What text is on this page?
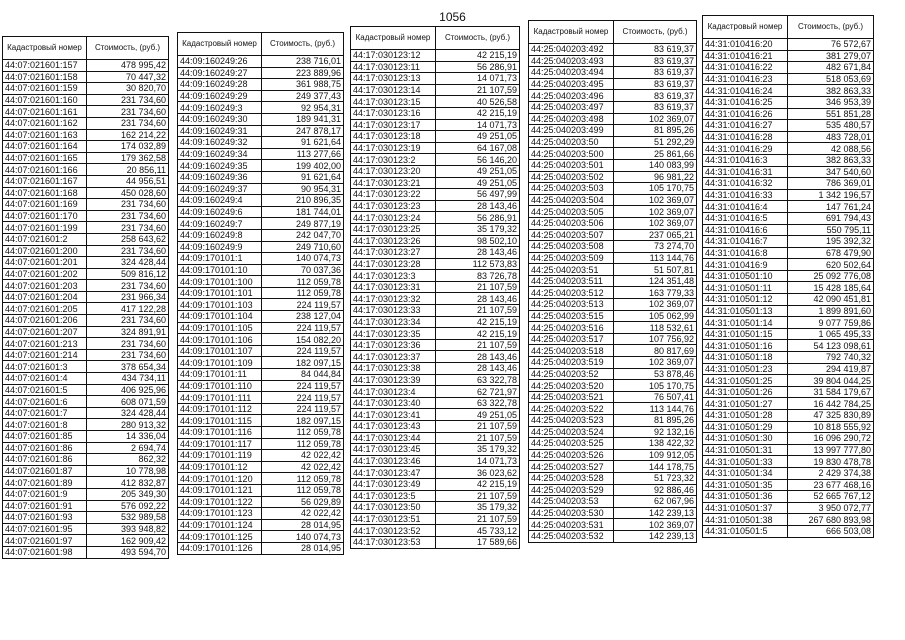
1056
Кадастровый номер	Стоимость, (руб.)
44:07:021601:157	478 995,42
44:07:021601:158	70 447,32
44:07:021601:159	30 820,70
44:07:021601:160	231 734,60
44:07:021601:161	231 734,60
44:07:021601:162	231 734,60
44:07:021601:163	162 214,22
44:07:021601:164	174 032,89
44:07:021601:165	179 362,58
44:07:021601:166	20 856,11
44:07:021601:167	44 956,51
44:07:021601:168	450 028,60
44:07:021601:169	231 734,60
44:07:021601:170	231 734,60
44:07:021601:199	231 734,60
44:07:021601:2	258 643,62
44:07:021601:200	231 734,60
44:07:021601:201	324 428,44
44:07:021601:202	509 816,12
44:07:021601:203	231 734,60
44:07:021601:204	231 966,34
44:07:021601:205	417 122,28
44:07:021601:206	231 734,60
44:07:021601:207	324 891,91
44:07:021601:213	231 734,60
44:07:021601:214	231 734,60
44:07:021601:3	378 654,34
44:07:021601:4	434 734,11
44:07:021601:5	406 925,96
44:07:021601:6	608 071,59
44:07:021601:7	324 428,44
44:07:021601:8	280 913,32
44:07:021601:85	14 336,04
44:07:021601:86	2 694,74
44:07:021601:86	862,32
44:07:021601:87	10 778,98
44:07:021601:89	412 832,87
44:07:021601:9	205 349,30
44:07:021601:91	576 092,22
44:07:021601:93	532 989,58
44:07:021601:95	393 948,82
44:07:021601:97	162 909,42
44:07:021601:98	493 594,70
Кадастровый номер	Стоимость, (руб.)
44:09:160249:26	238 716,01
44:09:160249:27	223 889,96
44:09:160249:28	361 988,75
44:09:160249:29	249 377,43
44:09:160249:3	92 954,31
44:09:160249:30	189 941,31
44:09:160249:31	247 878,17
44:09:160249:32	91 621,64
44:09:160249:34	113 277,66
44:09:160249:35	199 402,00
44:09:160249:36	91 621,64
44:09:160249:37	90 954,31
44:09:160249:4	210 896,35
44:09:160249:6	181 744,01
44:09:160249:7	249 877,19
44:09:160249:8	242 047,70
44:09:160249:9	249 710,60
44:09:170101:1	140 074,73
44:09:170101:10	70 037,36
44:09:170101:100	112 059,78
44:09:170101:101	112 059,78
44:09:170101:103	224 119,57
44:09:170101:104	238 127,04
44:09:170101:105	224 119,57
44:09:170101:106	154 082,20
44:09:170101:107	224 119,57
44:09:170101:109	182 097,15
44:09:170101:11	84 044,84
44:09:170101:110	224 119,57
44:09:170101:111	224 119,57
44:09:170101:112	224 119,57
44:09:170101:115	182 097,15
44:09:170101:116	112 059,78
44:09:170101:117	112 059,78
44:09:170101:119	42 022,42
44:09:170101:12	42 022,42
44:09:170101:120	112 059,78
44:09:170101:121	112 059,78
44:09:170101:122	56 029,89
44:09:170101:123	42 022,42
44:09:170101:124	28 014,95
44:09:170101:125	140 074,73
44:09:170101:126	28 014,95
Кадастровый номер	Стоимость, (руб.)
44:17:030123:12	42 215,19
44:17:030123:11	56 286,91
44:17:030123:13	14 071,73
44:17:030123:14	21 107,59
44:17:030123:15	40 526,58
44:17:030123:16	42 215,19
44:17:030123:17	14 071,73
44:17:030123:18	49 251,05
44:17:030123:19	64 167,08
44:17:030123:2	56 146,20
44:17:030123:20	49 251,05
44:17:030123:21	49 251,05
44:17:030123:22	56 497,99
44:17:030123:23	28 143,46
44:17:030123:24	56 286,91
44:17:030123:25	35 179,32
44:17:030123:26	98 502,10
44:17:030123:27	28 143,46
44:17:030123:28	112 573,83
44:17:030123:3	83 726,78
44:17:030123:31	21 107,59
44:17:030123:32	28 143,46
44:17:030123:33	21 107,59
44:17:030123:34	42 215,19
44:17:030123:35	42 215,19
44:17:030123:36	21 107,59
44:17:030123:37	28 143,46
44:17:030123:38	28 143,46
44:17:030123:39	63 322,78
44:17:030123:4	62 721,97
44:17:030123:40	63 322,78
44:17:030123:41	49 251,05
44:17:030123:43	21 107,59
44:17:030123:44	21 107,59
44:17:030123:45	35 179,32
44:17:030123:46	14 071,73
44:17:030123:47	36 023,62
44:17:030123:49	42 215,19
44:17:030123:5	21 107,59
44:17:030123:50	35 179,32
44:17:030123:51	21 107,59
44:17:030123:52	45 733,12
44:17:030123:53	17 589,66
Кадастровый номер	Стоимость, (руб.)
44:25:040203:492	83 619,37
44:25:040203:493	83 619,37
44:25:040203:494	83 619,37
44:25:040203:495	83 619,37
44:25:040203:496	83 619,37
44:25:040203:497	83 619,37
44:25:040203:498	102 369,07
44:25:040203:499	81 895,26
44:25:040203:50	51 292,29
44:25:040203:500	25 861,66
44:25:040203:501	140 083,99
44:25:040203:502	96 981,22
44:25:040203:503	105 170,75
44:25:040203:504	102 369,07
44:25:040203:505	102 369,07
44:25:040203:506	102 369,07
44:25:040203:507	237 065,21
44:25:040203:508	73 274,70
44:25:040203:509	113 144,76
44:25:040203:51	51 507,81
44:25:040203:511	124 351,48
44:25:040203:512	163 779,33
44:25:040203:513	102 369,07
44:25:040203:515	105 062,99
44:25:040203:516	118 532,61
44:25:040203:517	107 756,92
44:25:040203:518	80 817,69
44:25:040203:519	102 369,07
44:25:040203:52	53 878,46
44:25:040203:520	105 170,75
44:25:040203:521	76 507,41
44:25:040203:522	113 144,76
44:25:040203:523	81 895,26
44:25:040203:524	92 132,16
44:25:040203:525	138 422,32
44:25:040203:526	109 912,05
44:25:040203:527	144 178,75
44:25:040203:528	51 723,32
44:25:040203:529	92 886,46
44:25:040203:53	62 067,96
44:25:040203:530	142 239,13
44:25:040203:531	102 369,07
44:25:040203:532	142 239,13
Кадастровый номер	Стоимость, (руб.)
44:31:010416:20	76 572,67
44:31:010416:21	381 279,07
44:31:010416:22	482 671,84
44:31:010416:23	518 053,69
44:31:010416:24	382 863,33
44:31:010416:25	346 953,39
44:31:010416:26	551 851,28
44:31:010416:27	535 480,57
44:31:010416:28	483 728,01
44:31:010416:29	42 088,56
44:31:010416:3	382 863,33
44:31:010416:31	347 540,60
44:31:010416:32	786 369,01
44:31:010416:33	1 342 196,57
44:31:010416:4	147 761,24
44:31:010416:5	691 794,43
44:31:010416:6	550 795,11
44:31:010416:7	195 392,32
44:31:010416:8	678 479,90
44:31:010416:9	620 502,64
44:31:010501:10	25 092 776,08
44:31:010501:11	15 428 185,64
44:31:010501:12	42 090 451,81
44:31:010501:13	1 899 891,60
44:31:010501:14	9 077 759,86
44:31:010501:15	1 065 495,33
44:31:010501:16	54 123 098,61
44:31:010501:18	792 740,32
44:31:010501:23	294 419,87
44:31:010501:25	39 804 044,25
44:31:010501:26	31 584 179,67
44:31:010501:27	16 442 784,25
44:31:010501:28	47 325 830,89
44:31:010501:29	10 818 555,92
44:31:010501:30	16 096 290,72
44:31:010501:31	13 997 777,80
44:31:010501:33	19 830 478,78
44:31:010501:34	2 429 374,38
44:31:010501:35	23 677 468,16
44:31:010501:36	52 665 767,12
44:31:010501:37	3 950 072,77
44:31:010501:38	267 680 893,98
44:31:010501:5	666 503,08
